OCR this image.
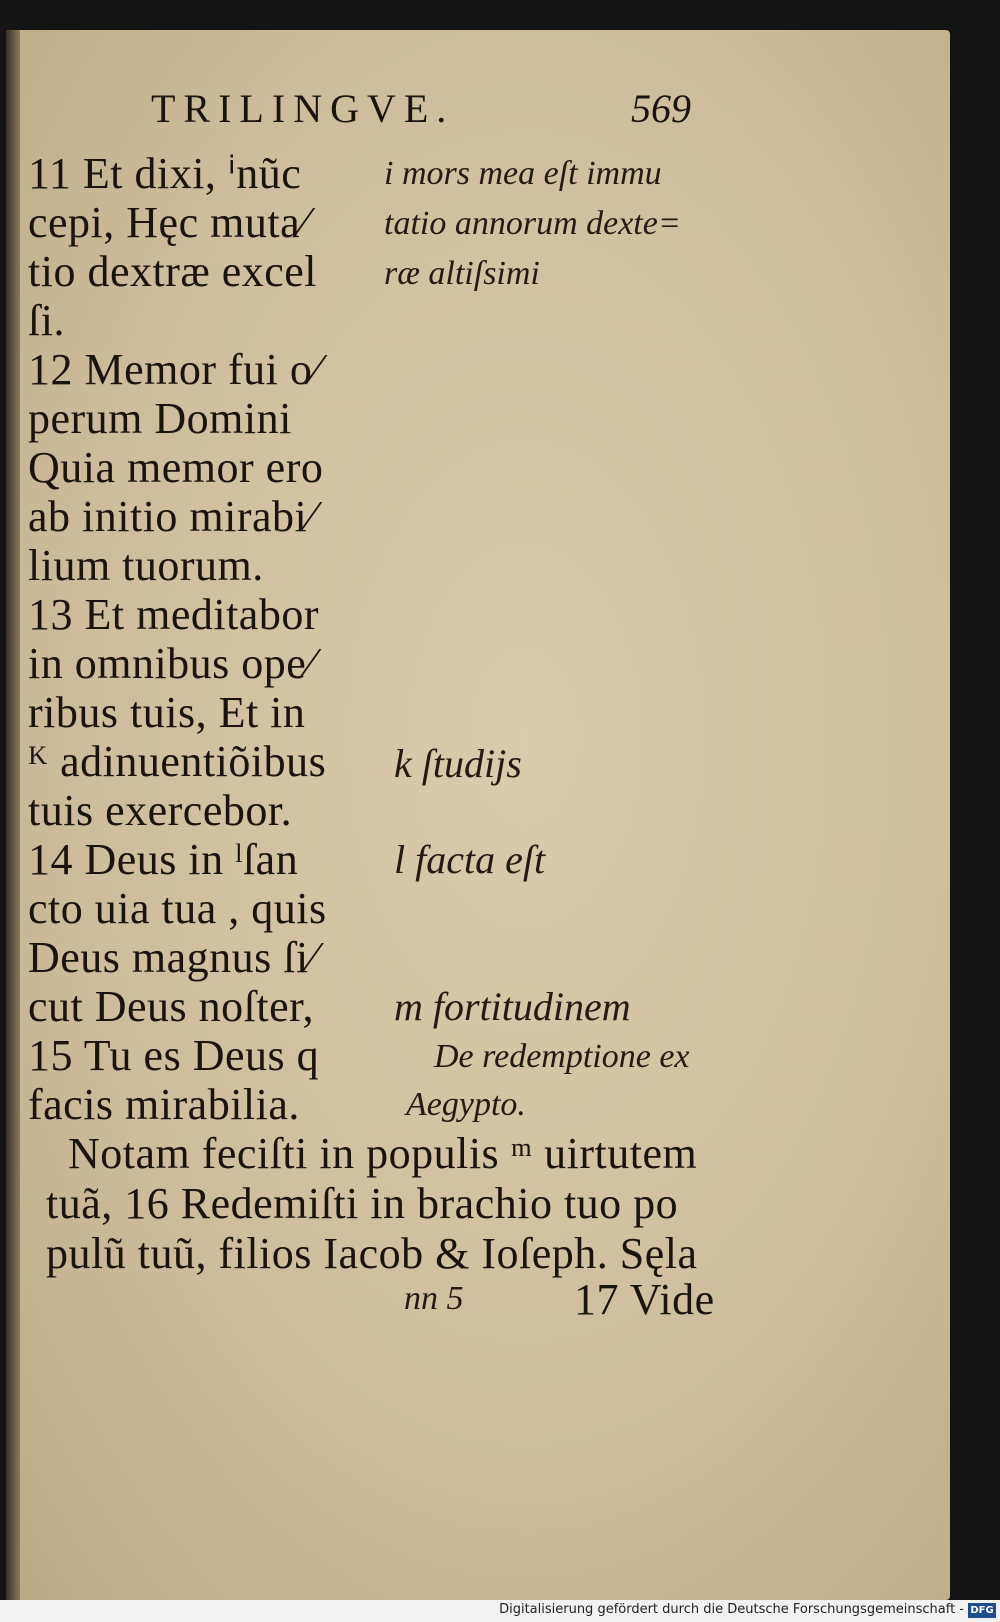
TRILINGVE.	569
11 Et dixi, ⁱnũc
cepi, Hęc muta⁄
tio dextræ excel
ſi.
12 Memor fui o⁄
perum Domini
Quia memor ero
ab initio mirabi⁄
lium tuorum.
13 Et meditabor
in omnibus ope⁄
ribus tuis, Et in
ᴷ adinuentiõibus
tuis exercebor.
14 Deus in ˡſan
cto uia tua , quis
Deus magnus ſi⁄
cut Deus noſter,
15 Tu es Deus q
facis mirabilia.
i mors mea eſt immu
tatio annorum dexte=
ræ altiſsimi
k ſtudijs
l facta eſt
m fortitudinem
De redemptione ex
Aegypto.
Notam feciſti in populis ᵐ uirtutem
tuã, 16 Redemiſti in brachio tuo po
pulũ tuũ, filios Iacob & Ioſeph. Sęla
nn 5	17 Vide
Digitalisierung gefördert durch die Deutsche Forschungsgemeinschaft - DFG
